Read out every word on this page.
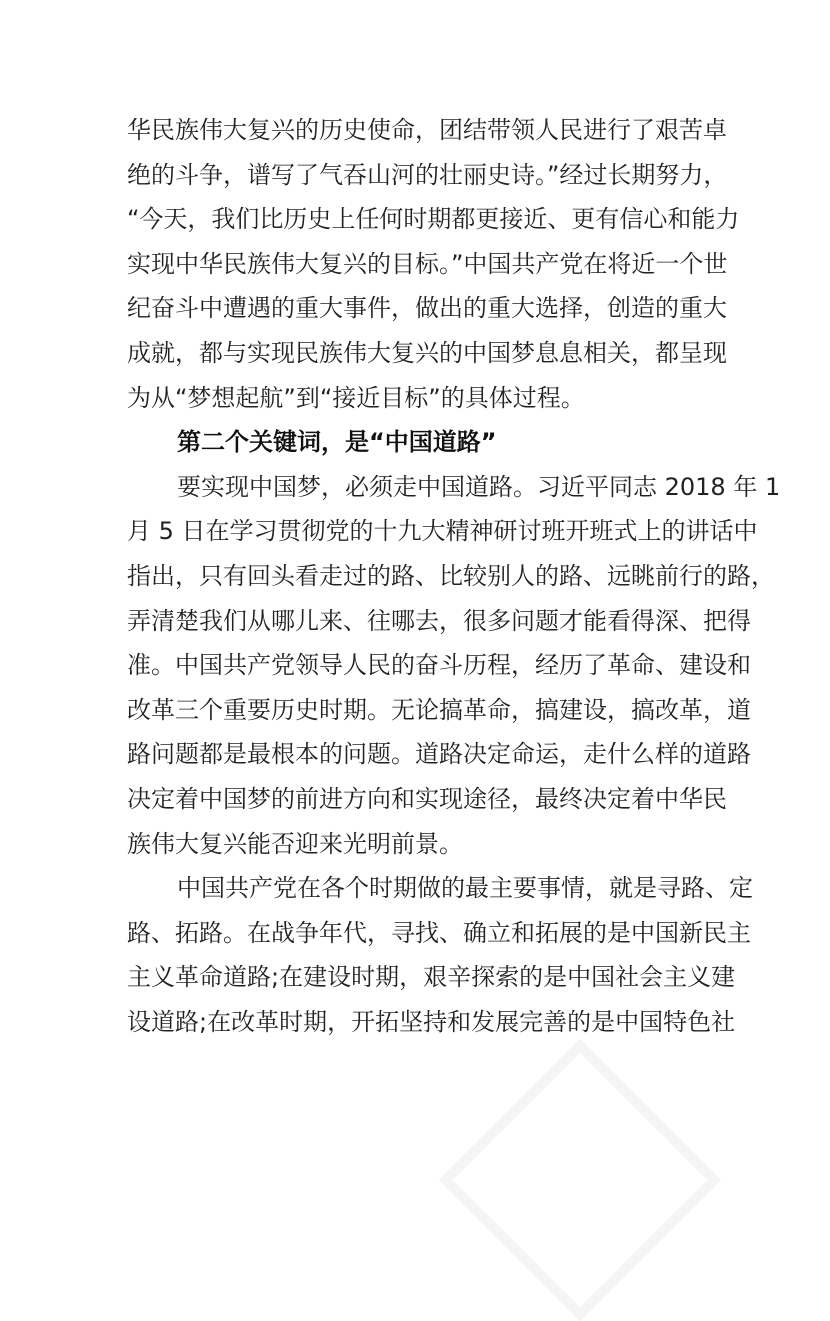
华民族伟大复兴的历史使命，团结带领人民进行了艰苦卓
绝的斗争，谱写了气吞山河的壮丽史诗。”经过长期努力，
“今天，我们比历史上任何时期都更接近、更有信心和能力
实现中华民族伟大复兴的目标。”中国共产党在将近一个世
纪奋斗中遭遇的重大事件，做出的重大选择，创造的重大
成就，都与实现民族伟大复兴的中国梦息息相关，都呈现
为从“梦想起航”到“接近目标”的具体过程。
第二个关键词，是“中国道路”
要实现中国梦，必须走中国道路。习近平同志 2018 年 1
月 5 日在学习贯彻党的十九大精神研讨班开班式上的讲话中
指出，只有回头看走过的路、比较别人的路、远眺前行的路，
弄清楚我们从哪儿来、往哪去，很多问题才能看得深、把得
准。中国共产党领导人民的奋斗历程，经历了革命、建设和
改革三个重要历史时期。无论搞革命，搞建设，搞改革，道
路问题都是最根本的问题。道路决定命运，走什么样的道路
决定着中国梦的前进方向和实现途径，最终决定着中华民
族伟大复兴能否迎来光明前景。
中国共产党在各个时期做的最主要事情，就是寻路、定
路、拓路。在战争年代，寻找、确立和拓展的是中国新民主
主义革命道路;在建设时期，艰辛探索的是中国社会主义建
设道路;在改革时期，开拓坚持和发展完善的是中国特色社
